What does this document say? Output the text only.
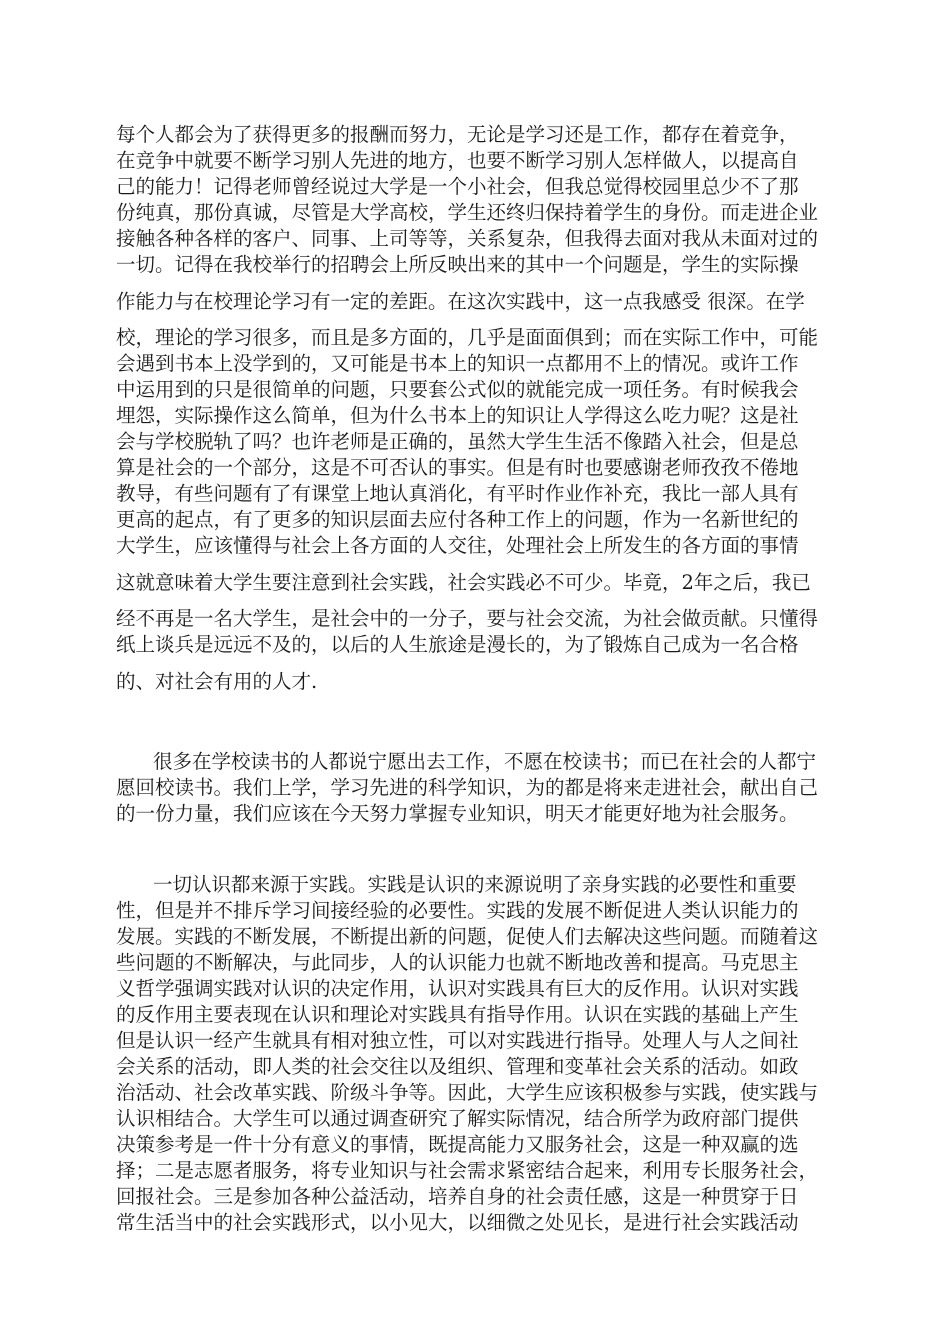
每个人都会为了获得更多的报酬而努力，无论是学习还是工作，都存在着竞争，
在竞争中就要不断学习别人先进的地方，也要不断学习别人怎样做人，以提高自
己的能力！记得老师曾经说过大学是一个小社会，但我总觉得校园里总少不了那
份纯真，那份真诚，尽管是大学高校，学生还终归保持着学生的身份。而走进企业
接触各种各样的客户、同事、上司等等，关系复杂，但我得去面对我从未面对过的
一切。记得在我校举行的招聘会上所反映出来的其中一个问题是，学生的实际操
作能力与在校理论学习有一定的差距。在这次实践中，这一点我感受 很深。在学
校，理论的学习很多，而且是多方面的，几乎是面面俱到；而在实际工作中，可能
会遇到书本上没学到的，又可能是书本上的知识一点都用不上的情况。或许工作
中运用到的只是很简单的问题，只要套公式似的就能完成一项任务。有时候我会
埋怨，实际操作这么简单，但为什么书本上的知识让人学得这么吃力呢？这是社
会与学校脱轨了吗？也许老师是正确的，虽然大学生生活不像踏入社会，但是总
算是社会的一个部分，这是不可否认的事实。但是有时也要感谢老师孜孜不倦地
教导，有些问题有了有课堂上地认真消化，有平时作业作补充，我比一部人具有
更高的起点，有了更多的知识层面去应付各种工作上的问题，作为一名新世纪的
大学生，应该懂得与社会上各方面的人交往，处理社会上所发生的各方面的事情
这就意味着大学生要注意到社会实践，社会实践必不可少。毕竟，2年之后，我已
经不再是一名大学生，是社会中的一分子，要与社会交流，为社会做贡献。只懂得
纸上谈兵是远远不及的，以后的人生旅途是漫长的，为了锻炼自己成为一名合格
的、对社会有用的人才.
很多在学校读书的人都说宁愿出去工作，不愿在校读书；而已在社会的人都宁
愿回校读书。我们上学，学习先进的科学知识，为的都是将来走进社会，献出自己
的一份力量，我们应该在今天努力掌握专业知识，明天才能更好地为社会服务。
一切认识都来源于实践。实践是认识的来源说明了亲身实践的必要性和重要
性，但是并不排斥学习间接经验的必要性。实践的发展不断促进人类认识能力的
发展。实践的不断发展，不断提出新的问题，促使人们去解决这些问题。而随着这
些问题的不断解决，与此同步，人的认识能力也就不断地改善和提高。马克思主
义哲学强调实践对认识的决定作用，认识对实践具有巨大的反作用。认识对实践
的反作用主要表现在认识和理论对实践具有指导作用。认识在实践的基础上产生
但是认识一经产生就具有相对独立性，可以对实践进行指导。处理人与人之间社
会关系的活动，即人类的社会交往以及组织、管理和变革社会关系的活动。如政
治活动、社会改革实践、阶级斗争等。因此，大学生应该积极参与实践，使实践与
认识相结合。大学生可以通过调查研究了解实际情况，结合所学为政府部门提供
决策参考是一件十分有意义的事情，既提高能力又服务社会，这是一种双赢的选
择；二是志愿者服务，将专业知识与社会需求紧密结合起来，利用专长服务社会，
回报社会。三是参加各种公益活动，培养自身的社会责任感，这是一种贯穿于日
常生活当中的社会实践形式，以小见大，以细微之处见长，是进行社会实践活动
